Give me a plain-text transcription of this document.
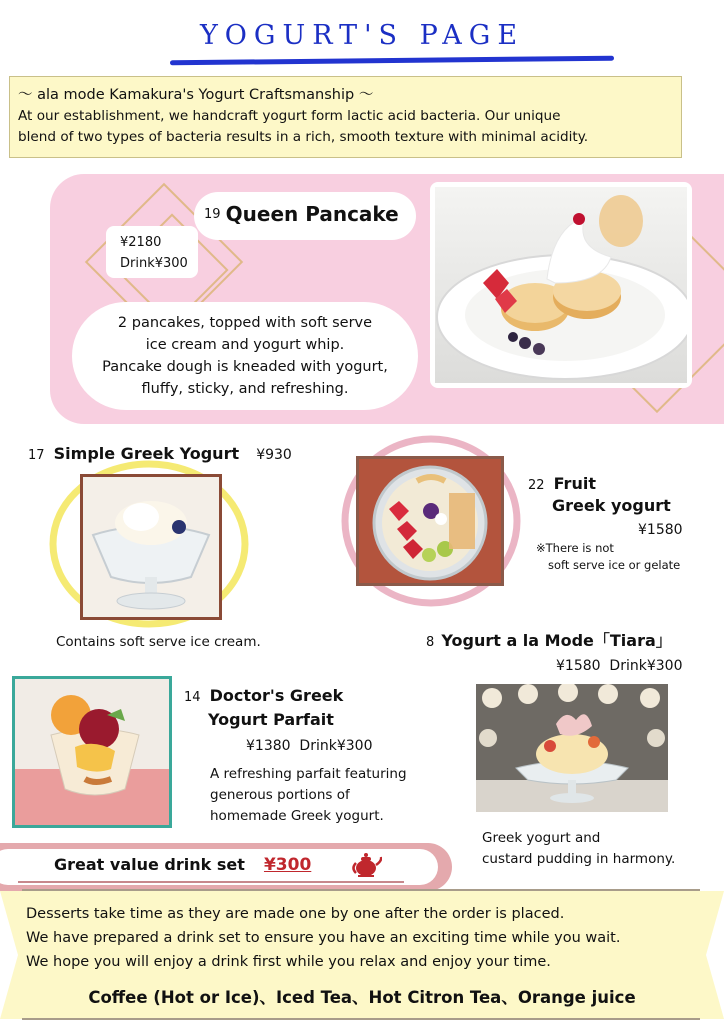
YOGURT'S PAGE
～ ala mode Kamakura's Yogurt Craftsmanship ～
At our establishment, we handcraft yogurt form lactic acid bacteria. Our unique
blend of two types of bacteria results in a rich, smooth texture with minimal acidity.
19 Queen Pancake
¥2180
Drink¥300
2 pancakes, topped with soft serve
ice cream and yogurt whip.
Pancake dough is kneaded with yogurt,
fluffy, sticky, and refreshing.
17 Simple Greek Yogurt ¥930
Contains soft serve ice cream.
22 Fruit
Greek yogurt
¥1580
※There is not
soft serve ice or gelate
8 Yogurt a la Mode「Tiara」
¥1580  Drink¥300
Greek yogurt and
custard pudding in harmony.
14 Doctor's Greek
Yogurt Parfait
¥1380  Drink¥300
A refreshing parfait featuring
generous portions of
homemade Greek yogurt.
Great value drink set ¥300
Desserts take time as they are made one by one after the order is placed.
We have prepared a drink set to ensure you have an exciting time while you wait.
We hope you will enjoy a drink first while you relax and enjoy your time.
Coffee (Hot or Ice)、Iced Tea、Hot Citron Tea、Orange juice
